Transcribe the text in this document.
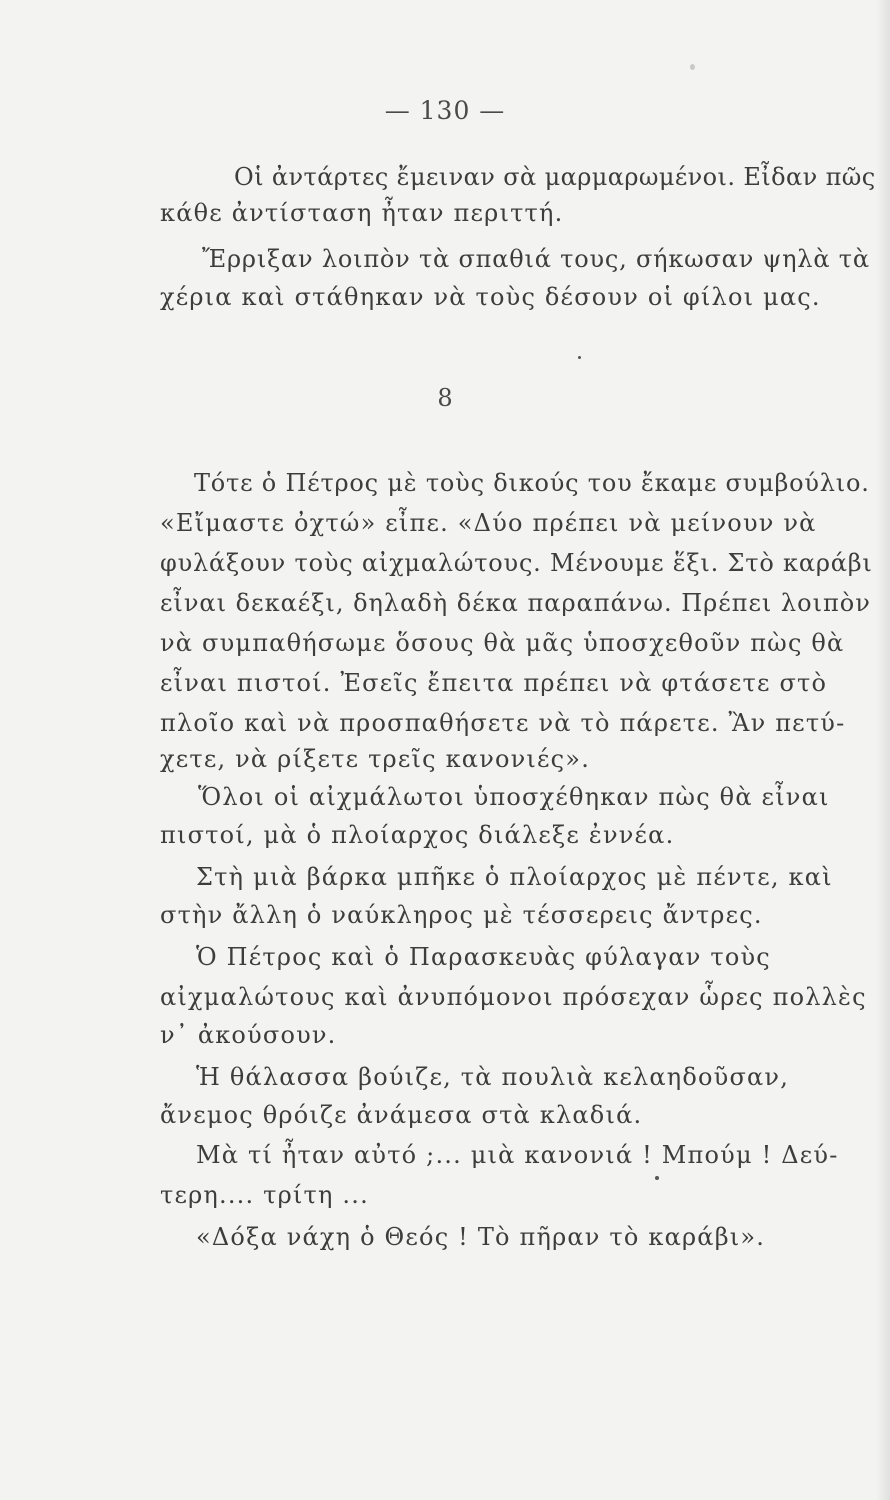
— 130 —
Οἱ ἀντάρτες ἔμειναν σὰ μαρμαρωμένοι. Εἶδαν πῶς
κάθε ἀντίσταση ἦταν περιττή.
Ἔρριξαν λοιπὸν τὰ σπαθιά τους, σήκωσαν ψηλὰ τὰ
χέρια καὶ στάθηκαν νὰ τοὺς δέσουν οἱ φίλοι μας.
8
Τότε ὁ Πέτρος μὲ τοὺς δικούς του ἔκαμε συμβούλιο.
«Εἴμαστε ὀχτώ» εἶπε. «Δύο πρέπει νὰ μείνουν νὰ
φυλάξουν τοὺς αἰχμαλώτους. Μένουμε ἕξι. Στὸ καράβι
εἶναι δεκαέξι, δηλαδὴ δέκα παραπάνω. Πρέπει λοιπὸν
νὰ συμπαθήσωμε ὅσους θὰ μᾶς ὑποσχεθοῦν πὼς θὰ
εἶναι πιστοί. Ἐσεῖς ἔπειτα πρέπει νὰ φτάσετε στὸ
πλοῖο καὶ νὰ προσπαθήσετε νὰ τὸ πάρετε. Ἂν πετύ-
χετε, νὰ ρίξετε τρεῖς κανονιές».
Ὅλοι οἱ αἰχμάλωτοι ὑποσχέθηκαν πὼς θὰ εἶναι
πιστοί, μὰ ὁ πλοίαρχος διάλεξε ἐννέα.
Στὴ μιὰ βάρκα μπῆκε ὁ πλοίαρχος μὲ πέντε, καὶ
στὴν ἄλλη ὁ ναύκληρος μὲ τέσσερεις ἄντρες.
Ὁ Πέτρος καὶ ὁ Παρασκευὰς φύλαγαν τοὺς
αἰχμαλώτους καὶ ἀνυπόμονοι πρόσεχαν ὧρες πολλὲς
ν᾽ ἀκούσουν.
Ἡ θάλασσα βούιζε, τὰ πουλιὰ κελαηδοῦσαν,
ἄνεμος θρόιζε ἀνάμεσα στὰ κλαδιά.
Μὰ τί ἦταν αὐτό ;... μιὰ κανονιά ! Μπούμ ! Δεύ-
τερη.... τρίτη ...
«Δόξα νάχη ὁ Θεός ! Τὸ πῆραν τὸ καράβι».
